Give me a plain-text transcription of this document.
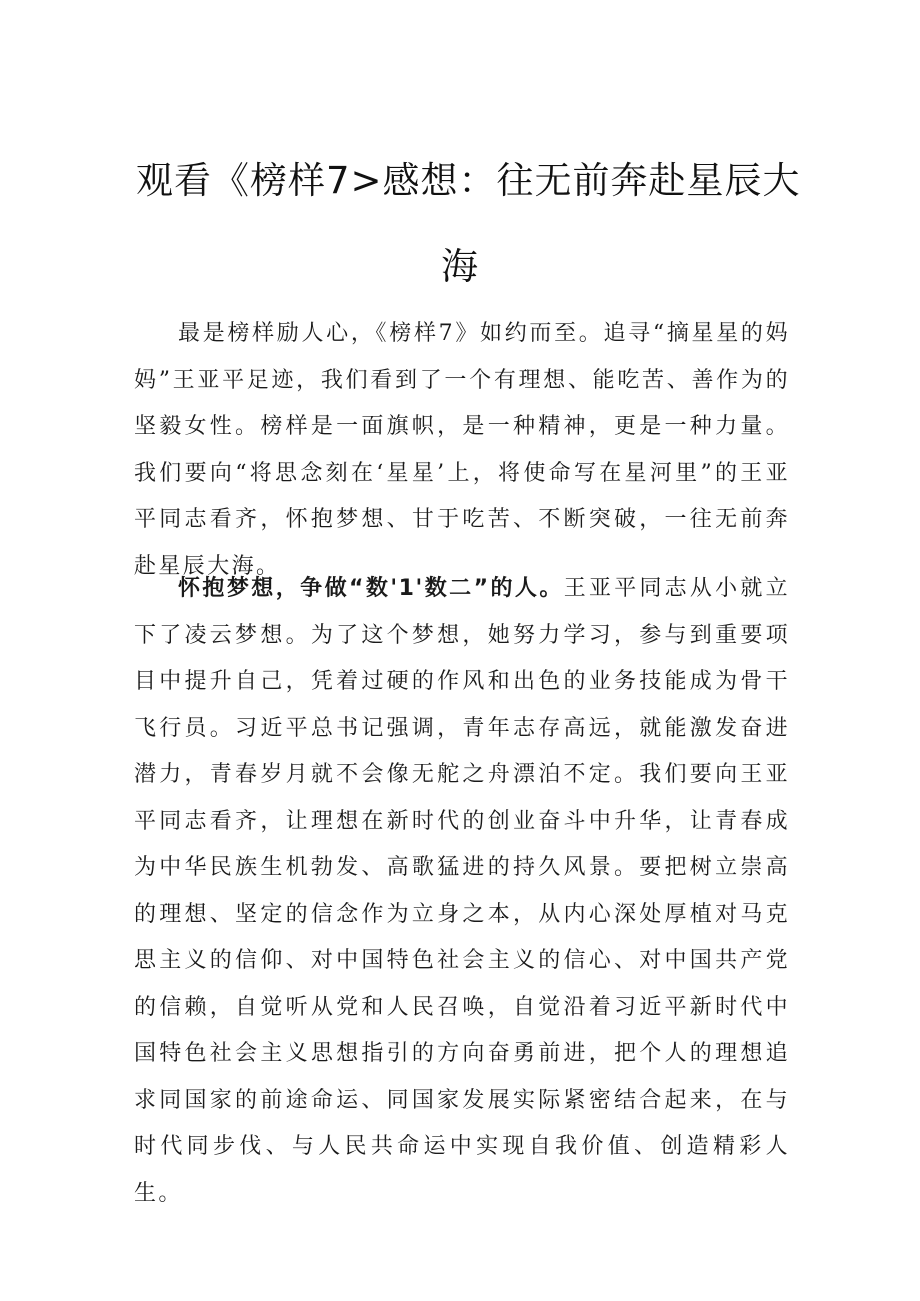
观看《榜样7>感想：往无前奔赴星辰大
海

最是榜样励人心，《榜样7》如约而至。追寻“摘星星的妈妈”王亚平足迹，我们看到了一个有理想、能吃苦、善作为的坚毅女性。榜样是一面旗帜，是一种精神，更是一种力量。我们要向“将思念刻在‘星星’上，将使命写在星河里”的王亚平同志看齐，怀抱梦想、甘于吃苦、不断突破，一往无前奔赴星辰大海。

怀抱梦想，争做“数'1'数二”的人。王亚平同志从小就立下了凌云梦想。为了这个梦想，她努力学习，参与到重要项目中提升自己，凭着过硬的作风和出色的业务技能成为骨干飞行员。习近平总书记强调，青年志存高远，就能激发奋进潜力，青春岁月就不会像无舵之舟漂泊不定。我们要向王亚平同志看齐，让理想在新时代的创业奋斗中升华，让青春成为中华民族生机勃发、高歌猛进的持久风景。要把树立崇高的理想、坚定的信念作为立身之本，从内心深处厚植对马克思主义的信仰、对中国特色社会主义的信心、对中国共产党的信赖，自觉听从党和人民召唤，自觉沿着习近平新时代中国特色社会主义思想指引的方向奋勇前进，把个人的理想追求同国家的前途命运、同国家发展实际紧密结合起来，在与时代同步伐、与人民共命运中实现自我价值、创造精彩人生。
